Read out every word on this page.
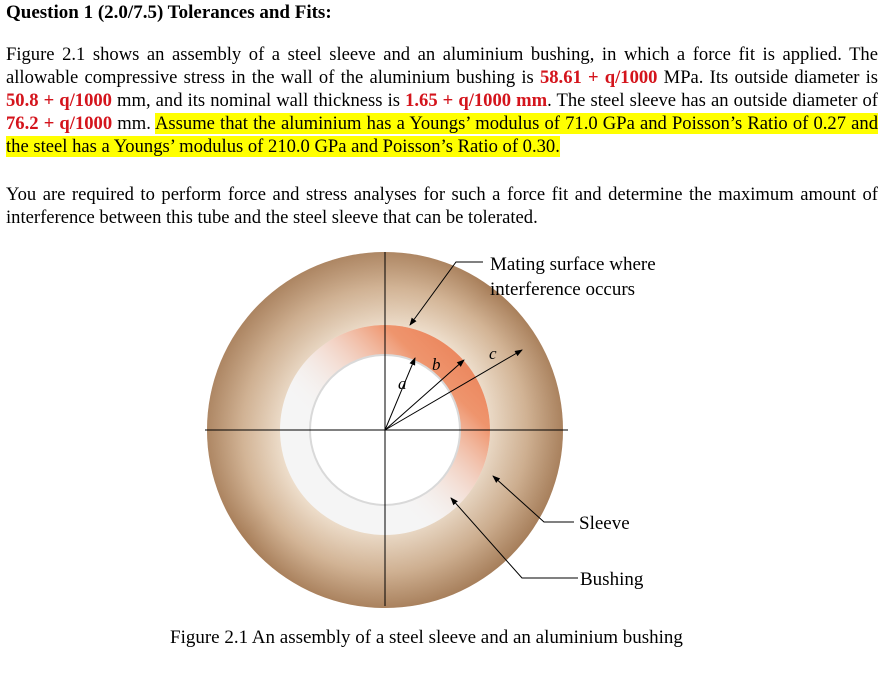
Question 1 (2.0/7.5) Tolerances and Fits:
Figure 2.1 shows an assembly of a steel sleeve and an aluminium bushing, in which a force fit is applied. The allowable compressive stress in the wall of the aluminium bushing is 58.61 + q/1000 MPa. Its outside diameter is 50.8 + q/1000 mm, and its nominal wall thickness is 1.65 + q/1000 mm. The steel sleeve has an outside diameter of 76.2 + q/1000 mm. Assume that the aluminium has a Youngs’ modulus of 71.0 GPa and Poisson’s Ratio of 0.27 and the steel has a Youngs’ modulus of 210.0 GPa and Poisson’s Ratio of 0.30.
You are required to perform force and stress analyses for such a force fit and determine the maximum amount of interference between this tube and the steel sleeve that can be tolerated.
a
b
c
Mating surface where
interference occurs
Sleeve
Bushing
Figure 2.1 An assembly of a steel sleeve and an aluminium bushing
